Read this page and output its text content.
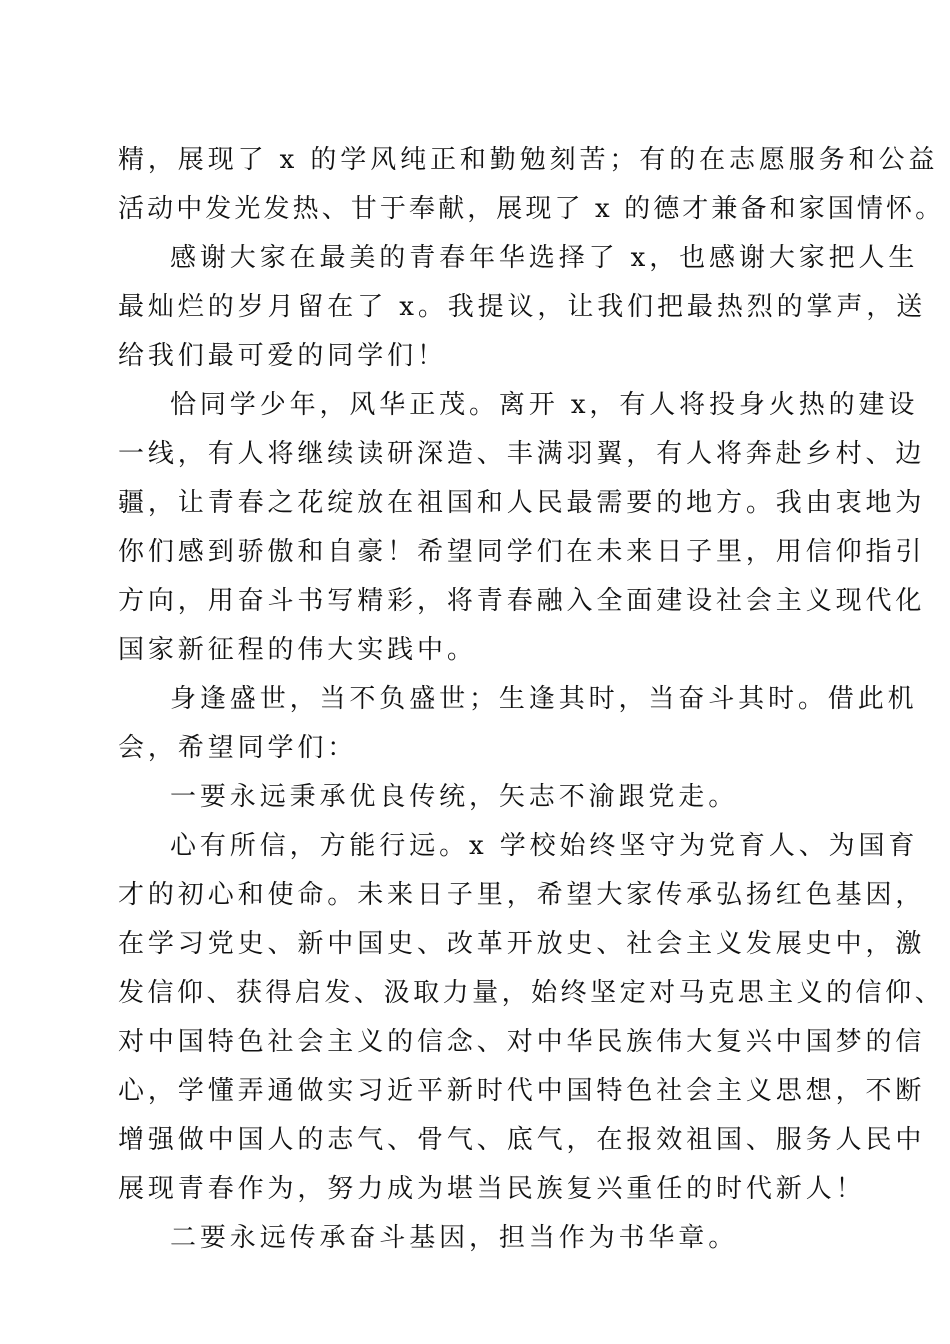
精，展现了 x 的学风纯正和勤勉刻苦；有的在志愿服务和公益
活动中发光发热、甘于奉献，展现了 x 的德才兼备和家国情怀。
感谢大家在最美的青春年华选择了 x，也感谢大家把人生
最灿烂的岁月留在了 x。我提议，让我们把最热烈的掌声，送
给我们最可爱的同学们！
恰同学少年，风华正茂。离开 x，有人将投身火热的建设
一线，有人将继续读研深造、丰满羽翼，有人将奔赴乡村、边
疆，让青春之花绽放在祖国和人民最需要的地方。我由衷地为
你们感到骄傲和自豪！希望同学们在未来日子里，用信仰指引
方向，用奋斗书写精彩，将青春融入全面建设社会主义现代化
国家新征程的伟大实践中。
身逢盛世，当不负盛世；生逢其时，当奋斗其时。借此机
会，希望同学们：
一要永远秉承优良传统，矢志不渝跟党走。
心有所信，方能行远。x 学校始终坚守为党育人、为国育
才的初心和使命。未来日子里，希望大家传承弘扬红色基因，
在学习党史、新中国史、改革开放史、社会主义发展史中，激
发信仰、获得启发、汲取力量，始终坚定对马克思主义的信仰、
对中国特色社会主义的信念、对中华民族伟大复兴中国梦的信
心，学懂弄通做实习近平新时代中国特色社会主义思想，不断
增强做中国人的志气、骨气、底气，在报效祖国、服务人民中
展现青春作为，努力成为堪当民族复兴重任的时代新人！
二要永远传承奋斗基因，担当作为书华章。
